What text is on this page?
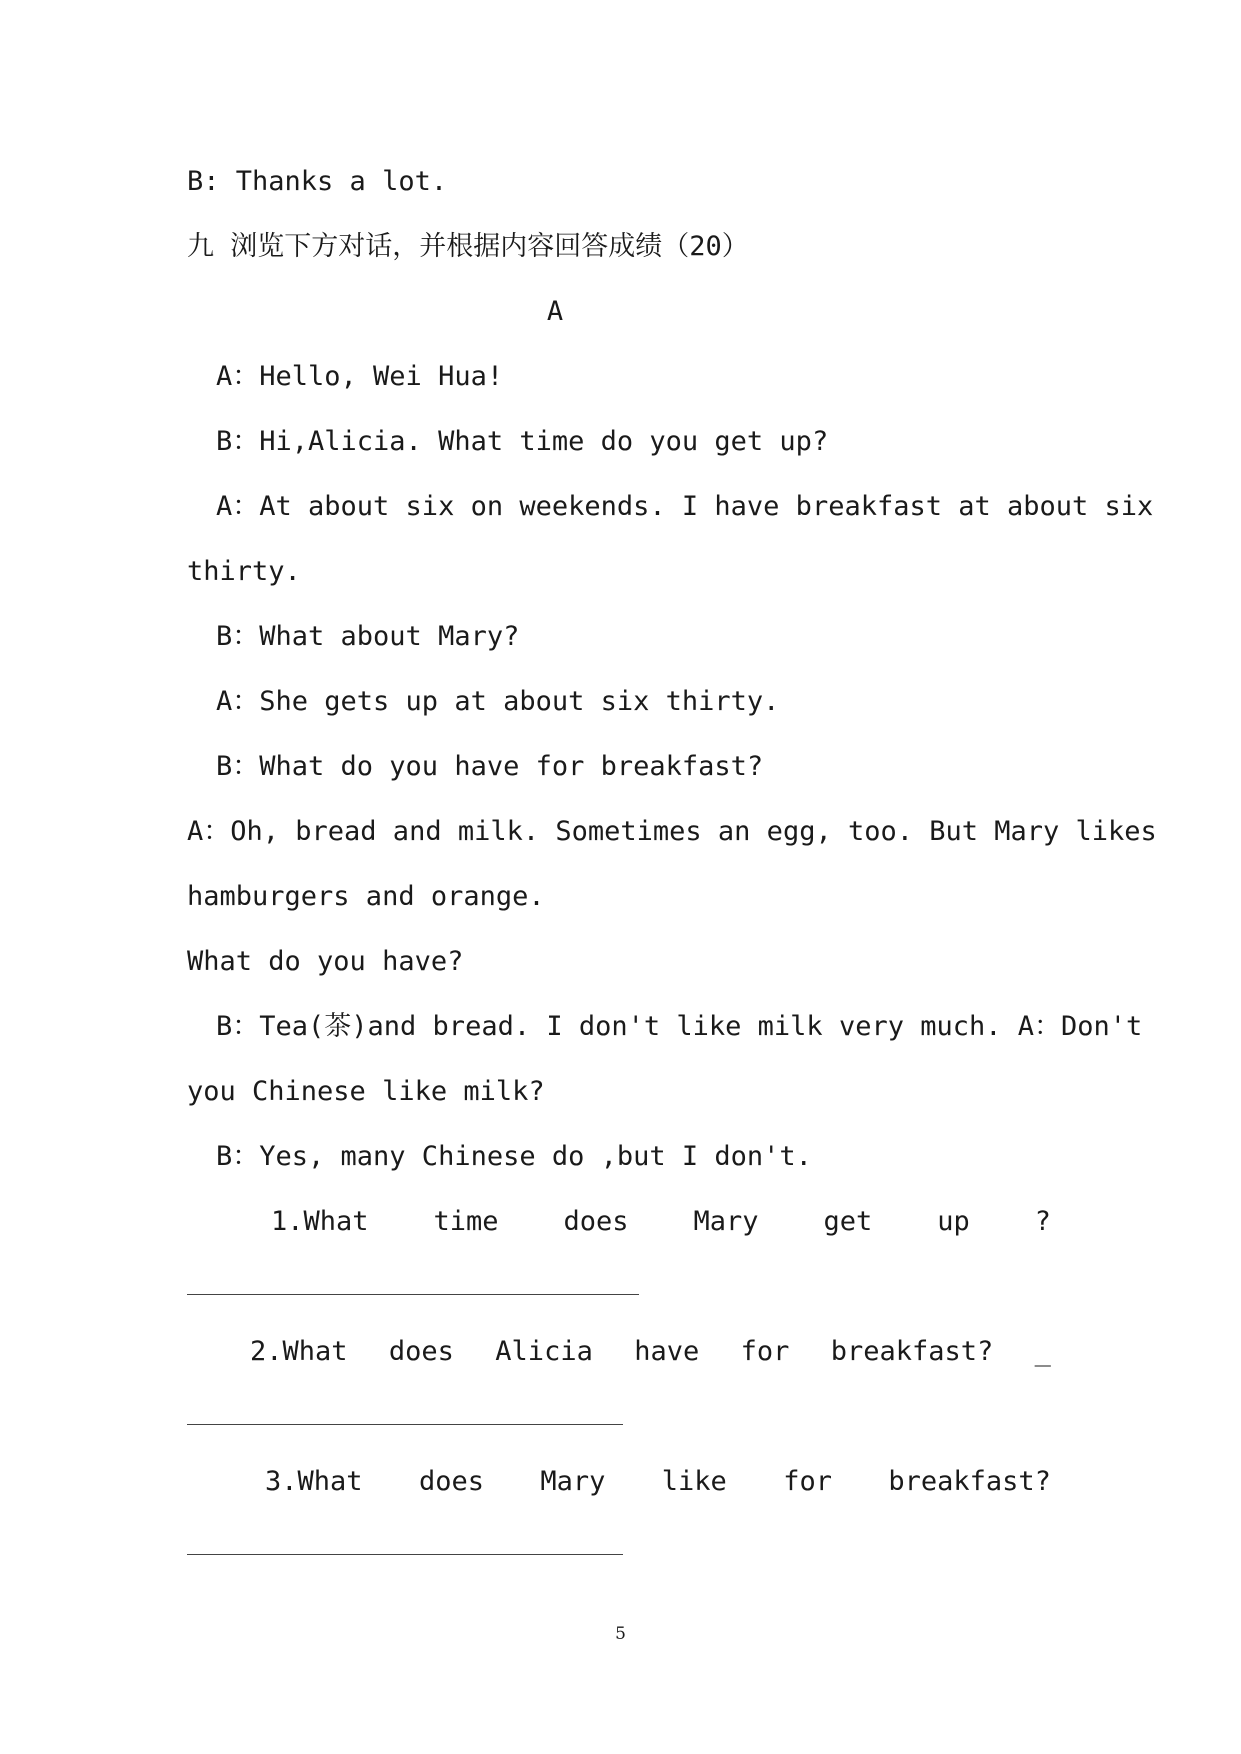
B: Thanks a lot.
九 浏览下方对话，并根据内容回答成绩（20）
A
A：Hello, Wei Hua!
B：Hi,Alicia. What time do you get up?
A：At about six on weekends. I have breakfast at about six
thirty.
B：What about Mary?
A：She gets up at about six thirty.
B：What do you have for breakfast?
A：Oh, bread and milk. Sometimes an egg, too. But Mary likes
hamburgers and orange.
What do you have?
B：Tea(茶)and bread. I don't like milk very much. A：Don't
you Chinese like milk?
B：Yes, many Chinese do ,but I don't.
1.What time does Mary get up ?
2.What does Alicia have for breakfast? _
3.What does Mary like for breakfast?
5
